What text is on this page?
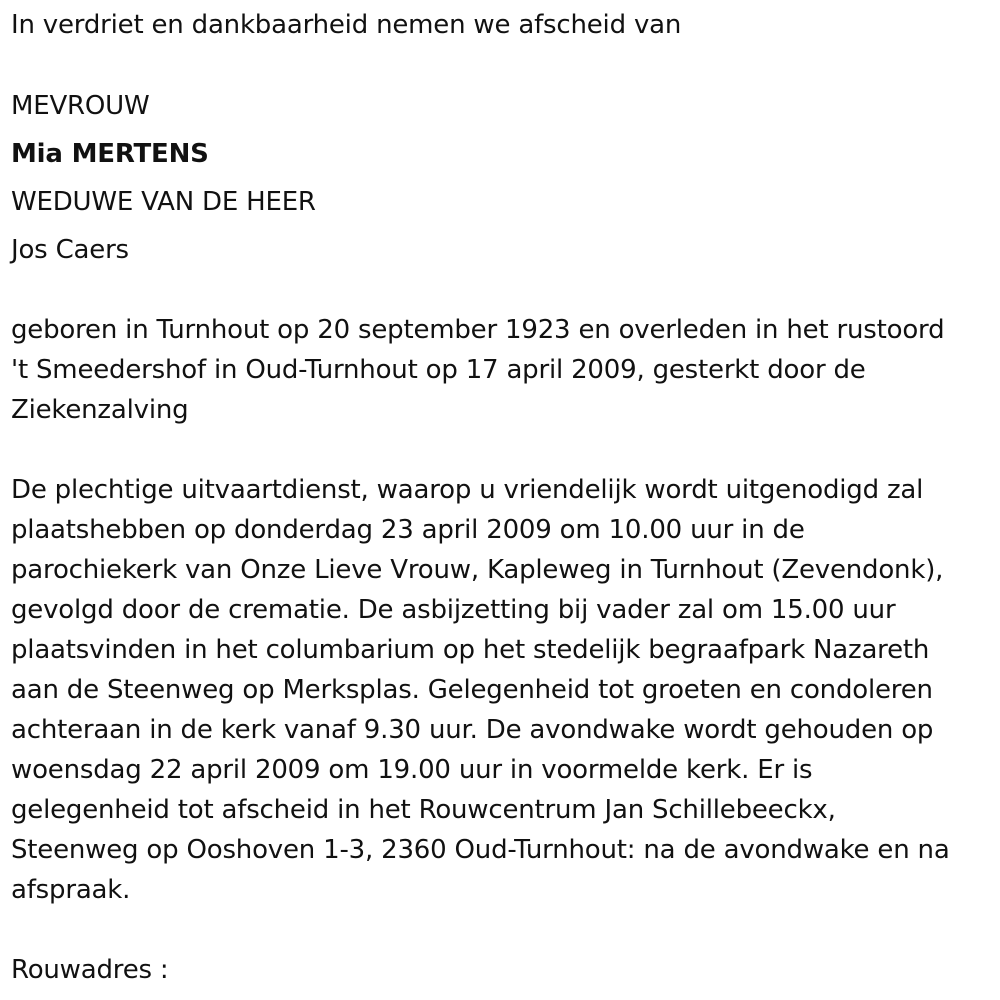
In verdriet en dankbaarheid nemen we afscheid van
MEVROUW
Mia MERTENS
WEDUWE VAN DE HEER
Jos Caers
geboren in Turnhout op 20 september 1923 en overleden in het rustoord
't Smeedershof in Oud-Turnhout op 17 april 2009, gesterkt door de
Ziekenzalving
De plechtige uitvaartdienst, waarop u vriendelijk wordt uitgenodigd zal
plaatshebben op donderdag 23 april 2009 om 10.00 uur in de
parochiekerk van Onze Lieve Vrouw, Kapleweg in Turnhout (Zevendonk),
gevolgd door de crematie. De asbijzetting bij vader zal om 15.00 uur
plaatsvinden in het columbarium op het stedelijk begraafpark Nazareth
aan de Steenweg op Merksplas. Gelegenheid tot groeten en condoleren
achteraan in de kerk vanaf 9.30 uur. De avondwake wordt gehouden op
woensdag 22 april 2009 om 19.00 uur in voormelde kerk. Er is
gelegenheid tot afscheid in het Rouwcentrum Jan Schillebeeckx,
Steenweg op Ooshoven 1-3, 2360 Oud-Turnhout: na de avondwake en na
afspraak.
Rouwadres :
